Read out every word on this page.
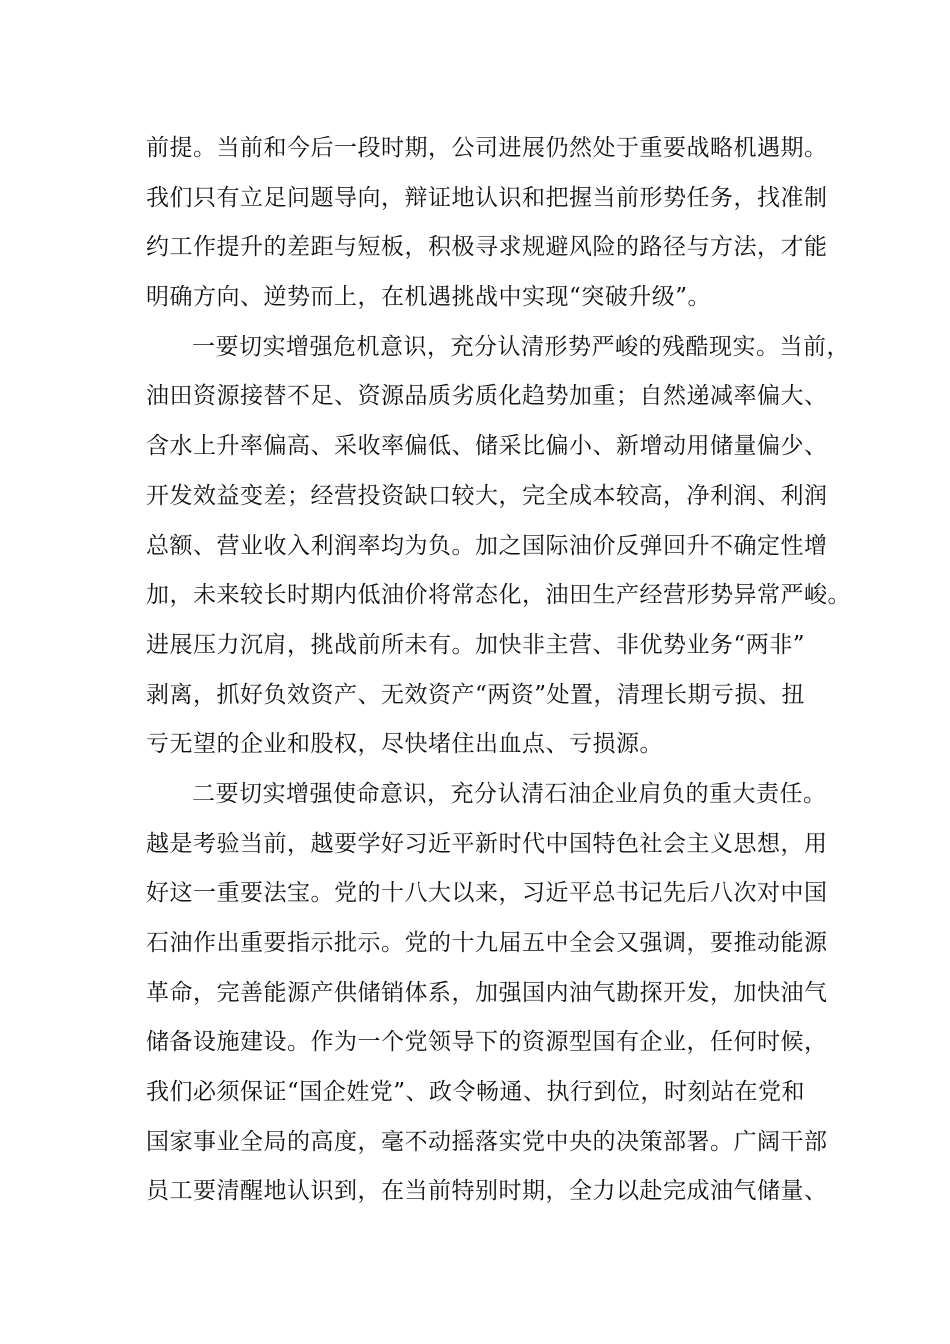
前提。当前和今后一段时期，公司进展仍然处于重要战略机遇期。
我们只有立足问题导向，辩证地认识和把握当前形势任务，找准制
约工作提升的差距与短板，积极寻求规避风险的路径与方法，才能
明确方向、逆势而上，在机遇挑战中实现“突破升级”。
一要切实增强危机意识，充分认清形势严峻的残酷现实。当前，
油田资源接替不足、资源品质劣质化趋势加重；自然递减率偏大、
含水上升率偏高、采收率偏低、储采比偏小、新增动用储量偏少、
开发效益变差；经营投资缺口较大，完全成本较高，净利润、利润
总额、营业收入利润率均为负。加之国际油价反弹回升不确定性增
加，未来较长时期内低油价将常态化，油田生产经营形势异常严峻。
进展压力沉肩，挑战前所未有。加快非主营、非优势业务“两非”
剥离，抓好负效资产、无效资产“两资”处置，清理长期亏损、扭
亏无望的企业和股权，尽快堵住出血点、亏损源。
二要切实增强使命意识，充分认清石油企业肩负的重大责任。
越是考验当前，越要学好习近平新时代中国特色社会主义思想，用
好这一重要法宝。党的十八大以来，习近平总书记先后八次对中国
石油作出重要指示批示。党的十九届五中全会又强调，要推动能源
革命，完善能源产供储销体系，加强国内油气勘探开发，加快油气
储备设施建设。作为一个党领导下的资源型国有企业，任何时候，
我们必须保证“国企姓党”、政令畅通、执行到位，时刻站在党和
国家事业全局的高度，毫不动摇落实党中央的决策部署。广阔干部
员工要清醒地认识到，在当前特别时期，全力以赴完成油气储量、
